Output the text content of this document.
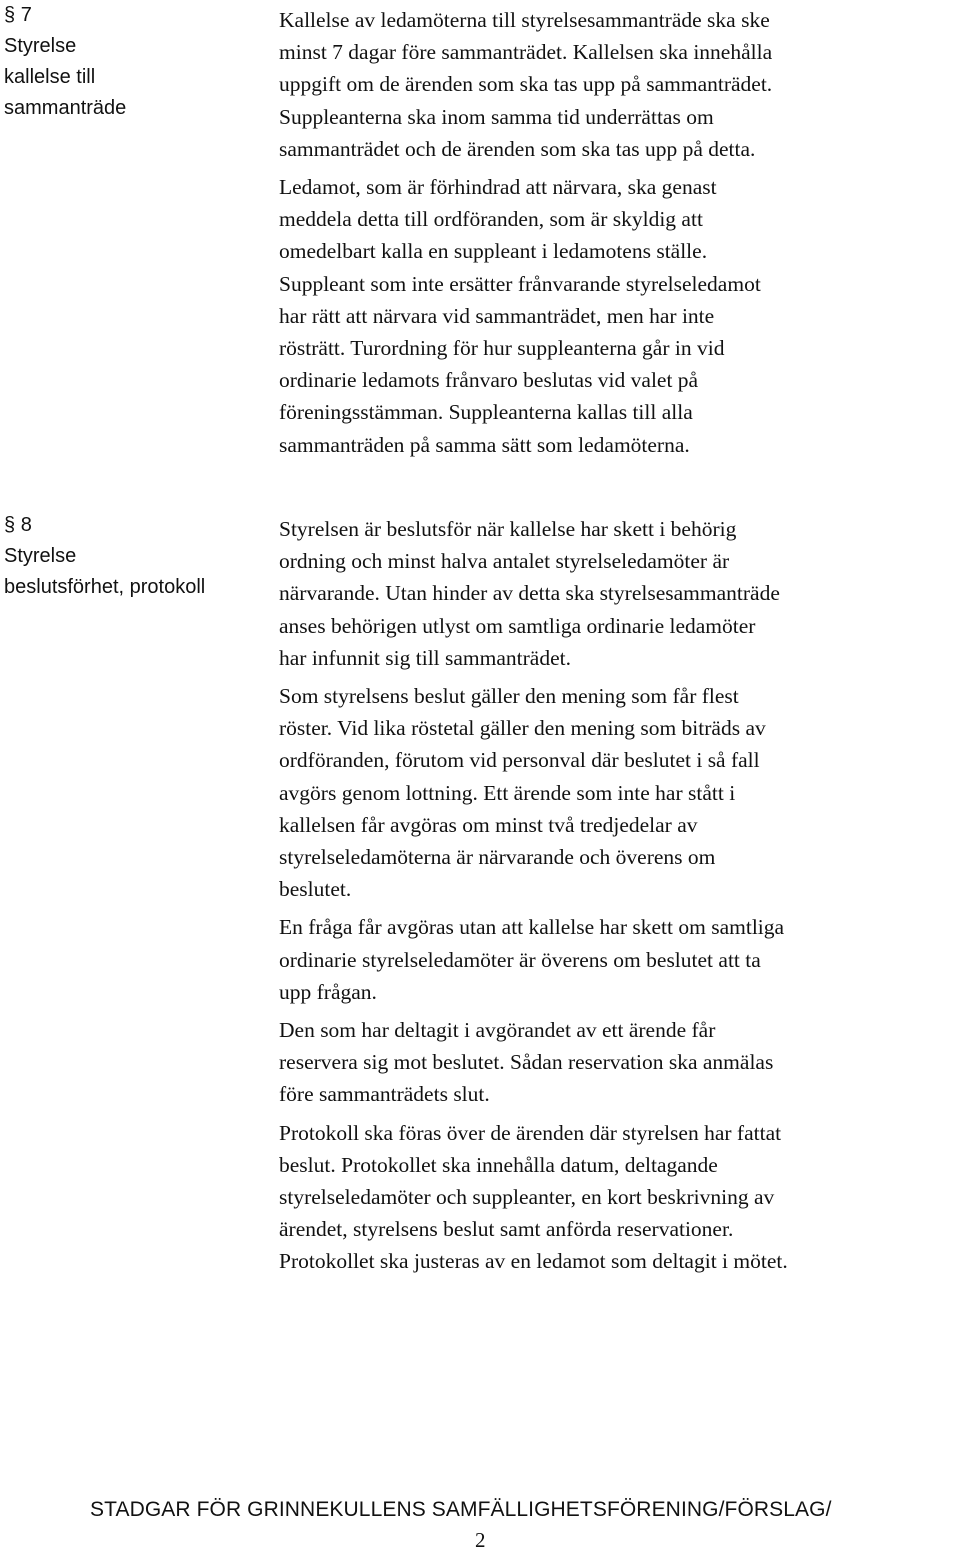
§ 7
Styrelse
kallelse till
sammanträde

Kallelse av ledamöterna till styrelsesammanträde ska ske
minst 7 dagar före sammanträdet. Kallelsen ska innehålla
uppgift om de ärenden som ska tas upp på sammanträdet.
Suppleanterna ska inom samma tid underrättas om
sammanträdet och de ärenden som ska tas upp på detta.

Ledamot, som är förhindrad att närvara, ska genast
meddela detta till ordföranden, som är skyldig att
omedelbart kalla en suppleant i ledamotens ställe.
Suppleant som inte ersätter frånvarande styrelseledamot
har rätt att närvara vid sammanträdet, men har inte
rösträtt. Turordning för hur suppleanterna går in vid
ordinarie ledamots frånvaro beslutas vid valet på
föreningsstämman. Suppleanterna kallas till alla
sammanträden på samma sätt som ledamöterna.

§ 8
Styrelse
beslutsförhet, protokoll

Styrelsen är beslutsför när kallelse har skett i behörig
ordning och minst halva antalet styrelseledamöter är
närvarande. Utan hinder av detta ska styrelsesammanträde
anses behörigen utlyst om samtliga ordinarie ledamöter
har infunnit sig till sammanträdet.

Som styrelsens beslut gäller den mening som får flest
röster. Vid lika röstetal gäller den mening som biträds av
ordföranden, förutom vid personval där beslutet i så fall
avgörs genom lottning. Ett ärende som inte har stått i
kallelsen får avgöras om minst två tredjedelar av
styrelseledamöterna är närvarande och överens om
beslutet.

En fråga får avgöras utan att kallelse har skett om samtliga
ordinarie styrelseledamöter är överens om beslutet att ta
upp frågan.

Den som har deltagit i avgörandet av ett ärende får
reservera sig mot beslutet. Sådan reservation ska anmälas
före sammanträdets slut.

Protokoll ska föras över de ärenden där styrelsen har fattat
beslut. Protokollet ska innehålla datum, deltagande
styrelseledamöter och suppleanter, en kort beskrivning av
ärendet, styrelsens beslut samt anförda reservationer.
Protokollet ska justeras av en ledamot som deltagit i mötet.

STADGAR FÖR GRINNEKULLENS SAMFÄLLIGHETSFÖRENING/FÖRSLAG/
2
